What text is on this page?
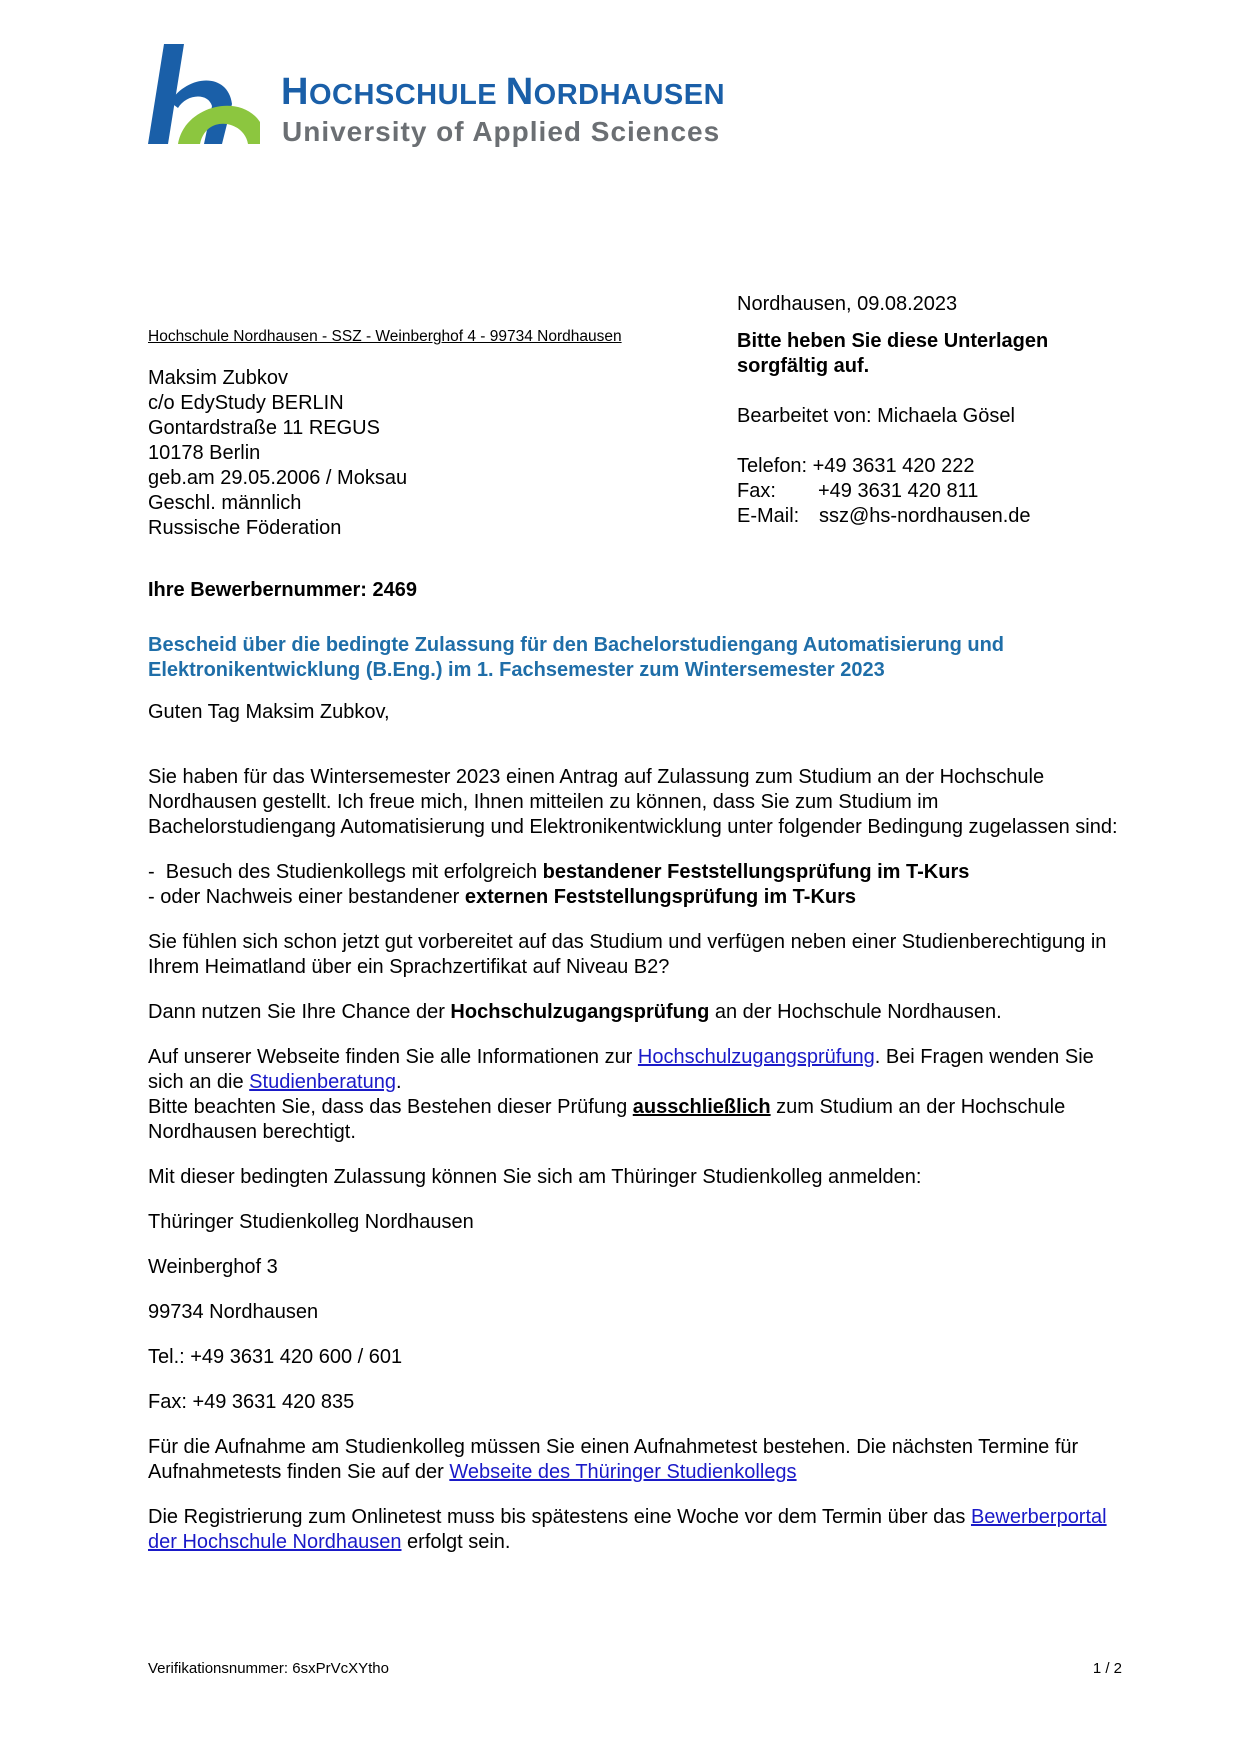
HOCHSCHULE NORDHAUSEN
University of Applied Sciences
Hochschule Nordhausen - SSZ - Weinberghof 4 - 99734 Nordhausen
Maksim Zubkov
c/o EdyStudy BERLIN
Gontardstraße 11 REGUS
10178 Berlin
geb.am 29.05.2006 / Moksau
Geschl. männlich
Russische Föderation
Nordhausen, 09.08.2023
Bitte heben Sie diese Unterlagen sorgfältig auf.
Bearbeitet von: Michaela Gösel
Telefon:
+49 3631 420 222
Fax:	+49 3631 420 811
E-Mail: ssz@hs-nordhausen.de
Ihre Bewerbernummer: 2469
Bescheid über die bedingte Zulassung für den Bachelorstudiengang Automatisierung und Elektronikentwicklung (B.Eng.) im 1. Fachsemester zum Wintersemester 2023

Guten Tag Maksim Zubkov,

Sie haben für das Wintersemester 2023 einen Antrag auf Zulassung zum Studium an der Hochschule Nordhausen gestellt. Ich freue mich, Ihnen mitteilen zu können, dass Sie zum Studium im Bachelorstudiengang Automatisierung und Elektronikentwicklung unter folgender Bedingung zugelassen sind:

-  Besuch des Studienkollegs mit erfolgreich bestandener Feststellungsprüfung im T-Kurs
- oder Nachweis einer bestandener externen Feststellungsprüfung im T-Kurs

Sie fühlen sich schon jetzt gut vorbereitet auf das Studium und verfügen neben einer Studienberechtigung in Ihrem Heimatland über ein Sprachzertifikat auf Niveau B2?

Dann nutzen Sie Ihre Chance der Hochschulzugangsprüfung an der Hochschule Nordhausen.

Auf unserer Webseite finden Sie alle Informationen zur Hochschulzugangsprüfung. Bei Fragen wenden Sie sich an die Studienberatung.
Bitte beachten Sie, dass das Bestehen dieser Prüfung ausschließlich zum Studium an der Hochschule Nordhausen berechtigt.

Mit dieser bedingten Zulassung können Sie sich am Thüringer Studienkolleg anmelden:

Thüringer Studienkolleg Nordhausen

Weinberghof 3

99734 Nordhausen

Tel.: +49 3631 420 600 / 601

Fax: +49 3631 420 835

Für die Aufnahme am Studienkolleg müssen Sie einen Aufnahmetest bestehen. Die nächsten Termine für Aufnahmetests finden Sie auf der Webseite des Thüringer Studienkollegs

Die Registrierung zum Onlinetest muss bis spätestens eine Woche vor dem Termin über das Bewerberportal der Hochschule Nordhausen erfolgt sein.

Verifikationsnummer: 6sxPrVcXYtho	1 / 2
